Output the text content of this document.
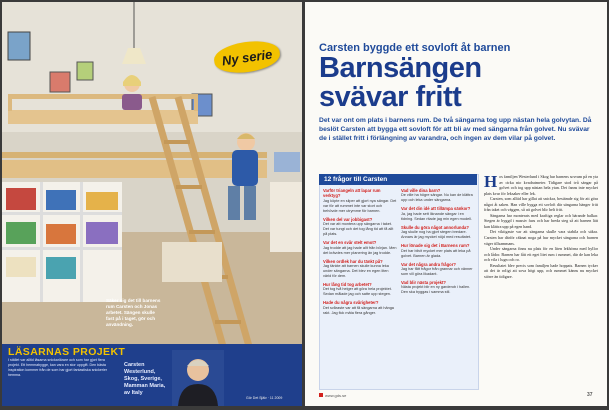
Ny serie
Säker sig det till barnens rum Carsten och Jonas arbetet. Sängen skulle fast på i taget, gör och användning.
LÄSARNAS PROJEKT
I stället var alltid läsarna snickarlärare och som har gjort flera projekt. Ett hemmabygge, kan vara en stor uppgift. Den bästa inspiration kommer från de som har gjort fantastiska snickerier hemma.
Carsten Westerlund, Skog, Sverige, Mamman Maria, av Italy
Gör Det Själv · 11 2009
Carsten byggde ett sovloft åt barnen
Barnsängen
svävar fritt
Det var ont om plats i barnens rum. De två sängarna tog upp nästan hela golvytan. Då beslöt Carsten att bygga ett sovloft för att bli av med sängarna från golvet. Nu svävar de i stället fritt i förlängning av varandra, och ingen av dem vilar på golvet.
12 frågor till Carsten
Varför triangeln att lapar rum verktyg?
Jag köpte en sliper att gjort nya sängar. Det var för att rummet inte var stort och behövde mer utrymme för barnen.
Vilken del var jobbigast?
Det var att montera upp sängarna i taket. Det var tungt och det tog lång tid att få allt på plats.
Var det en svår stelt emot?
Jag trodde att jag hade allt från början. Men det krävdes mer planering än jag trodde.
Vilken ordlek har du tänkt på?
Jag tänkte att barnen skulle kunna leka under sängarna. Det blev en egen liten värld för dem.
Hur lång tid tog arbetet?
Det tog två helger att göra hela projektet. Sedan målade jag och satte upp stegen.
Hade du några svårigheter?
Det svåraste var att få sängarna att hänga rakt. Jag fick mäta flera gånger.
Vad ville dina barn?
De ville ha högre sängar. Nu kan de klättra upp och leka under sängarna.
Var det din idé att tillämpa sänkor?
Ja, jag hade sett liknande sängar i en tidning. Sedan ritade jag min egen modell.
Skulle du göra något annorlunda?
Jag skulle nog ha gjort stegen bredare. Annars är jag mycket nöjd med resultatet.
Hur lönade sig det i Barnens rum?
Det har blivit mycket mer plats att leka på golvet. Barnen är glada.
Var det några andra frågor?
Jag har fått frågor från grannar och vänner som vill göra likadant.
Vad blir nästa projekt?
Nästa projekt blir en ny garderob i hallen. Den ska byggas i samma stil.
H os familjen Westerlund i Skog har barnens sovrum på en yta av cirka nio kvadratmeter. Tidigare stod två sängar på golvet och tog upp nästan hela ytan. Det fanns inte mycket plats kvar för leksaker eller lek.

Carsten, som alltid har gillat att snickra, bestämde sig för att göra något åt saken. Han ville bygga ett sovloft där sängarna hänger fritt från taket och väggen, så att golvet blir helt fritt.

Sängarna har monterats med kraftiga reglar och bärande balkar. Stegen är byggd i massiv furu och har breda steg så att barnen lätt kan klättra upp på egen hand.

Det viktigaste var att sängarna skulle vara stabila och säkra. Carsten har därför räknat noga på hur mycket sängarna och barnen väger tillsammans.

Under sängarna finns nu plats för en liten lekhörna med hyllor och lådor. Barnen har fått ett eget litet rum i rummet, där de kan leka och vila i lugn och ro.

Resultatet blev precis som familjen hade hoppats. Barnen tycker att det är roligt att sova högt upp, och rummet känns nu mycket större än tidigare.

www.gds.se	37
